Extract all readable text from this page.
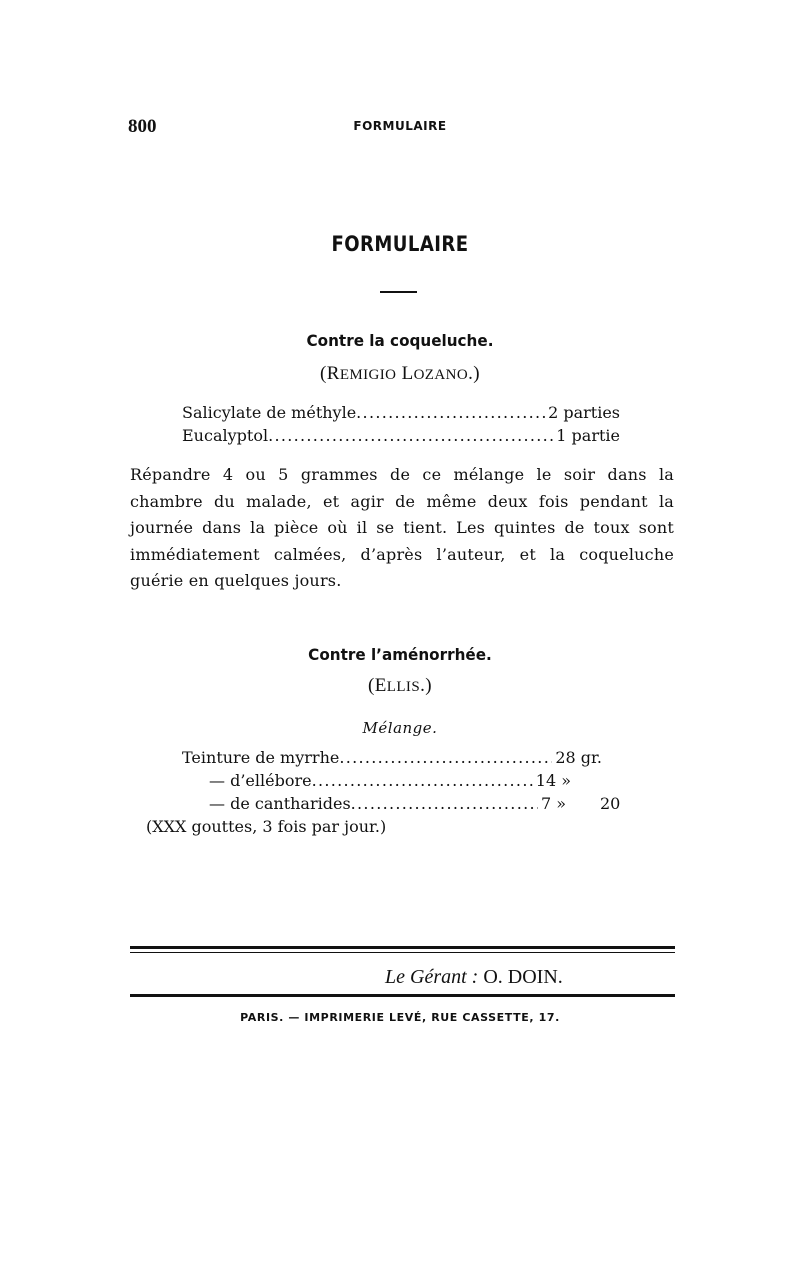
800	FORMULAIRE
FORMULAIRE
Contre la coqueluche.
(REMIGIO LOZANO.)
Salicylate de méthyle .....	2 parties
Eucalyptol .....	1 partie
Répandre 4 ou 5 grammes de ce mélange le soir dans la chambre du malade, et agir de même deux fois pendant la journée dans la pièce où il se tient. Les quintes de toux sont immédiatement calmées, d’après l’auteur, et la coqueluche guérie en quelques jours.
Contre l’aménorrhée.
(ELLIS.)
Mélange.
Teinture de myrrhe .....	28 gr.
— d’ellébore .....	14 »
— de cantharides .....	7 » 20
(XXX gouttes, 3 fois par jour.)
Le Gérant : O. DOIN.
PARIS. — IMPRIMERIE LEVÉ, RUE CASSETTE, 17.
